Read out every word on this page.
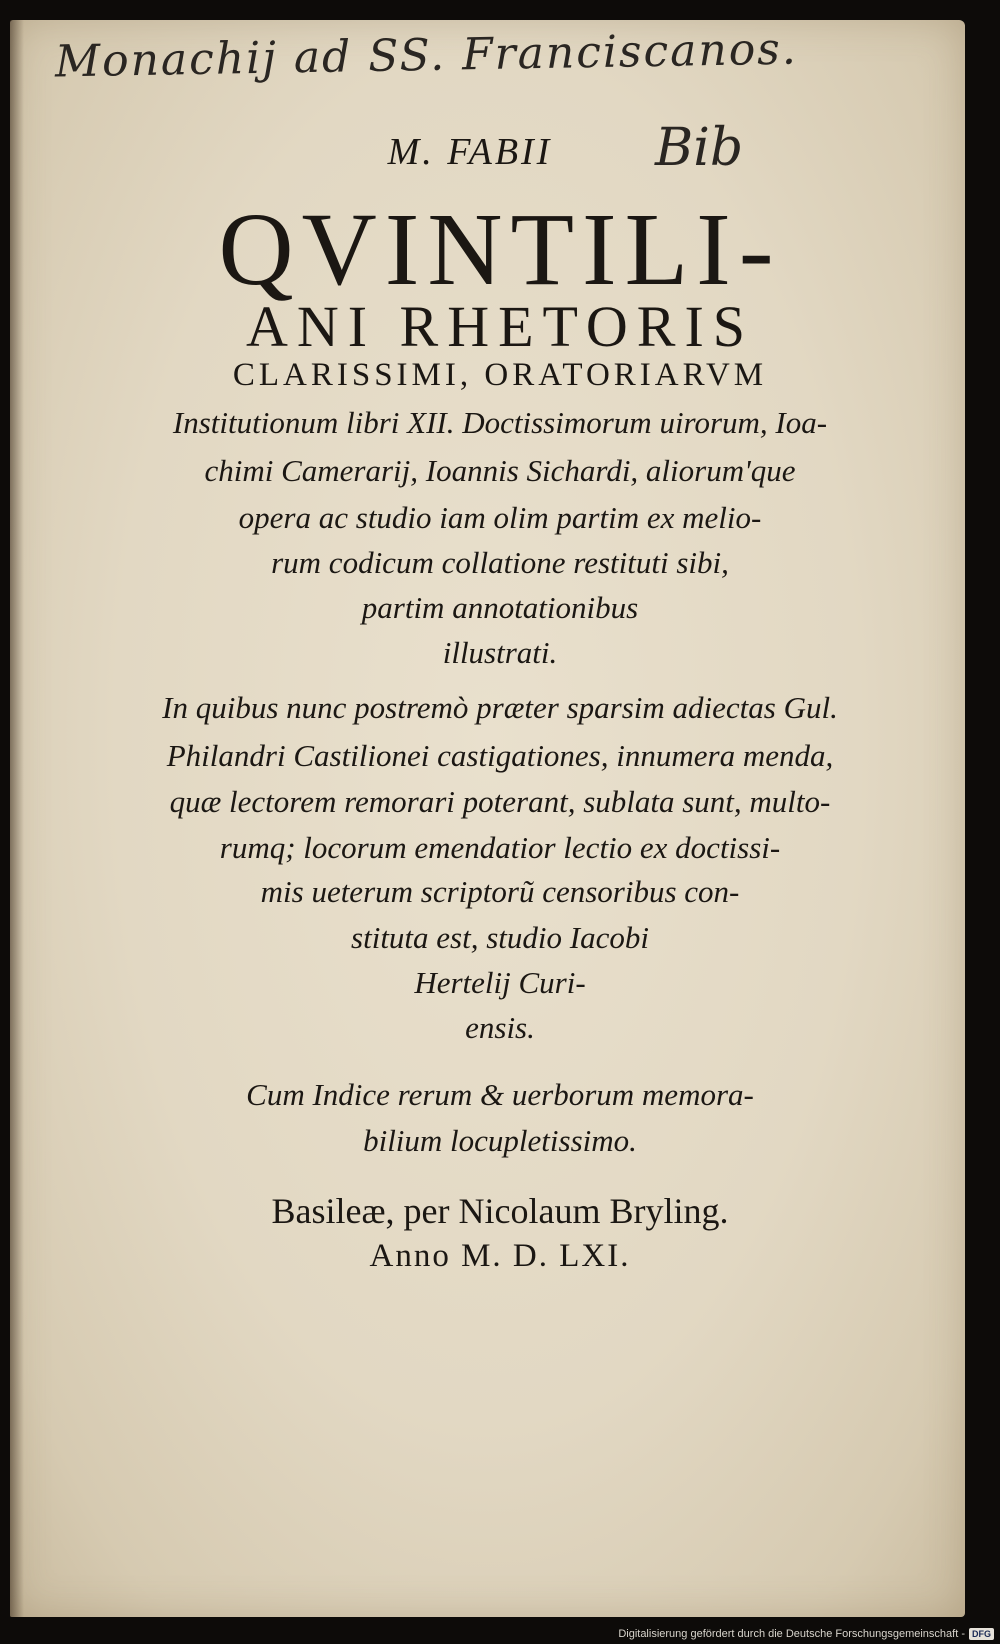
Monachij ad SS. Franciscanos.
Bib
M. FABII
QVINTILI-
ANI RHETORIS
CLARISSIMI, ORATORIARVM
Institutionum libri XII. Doctissimorum uirorum, Ioa-
chimi Camerarij, Ioannis Sichardi, aliorum'que
opera ac studio iam olim partim ex melio-
rum codicum collatione restituti sibi,
partim annotationibus
illustrati.
In quibus nunc postremò præter sparsim adiectas Gul.
Philandri Castilionei castigationes, innumera menda,
quæ lectorem remorari poterant, sublata sunt, multo-
rumq; locorum emendatior lectio ex doctissi-
mis ueterum scriptorũ censoribus con-
stituta est, studio Iacobi
Hertelij Curi-
ensis.
Cum Indice rerum & uerborum memora-
bilium locupletissimo.
Basileæ, per Nicolaum Bryling.
Anno M. D. LXI.
Digitalisierung gefördert durch die Deutsche Forschungsgemeinschaft - DFG
